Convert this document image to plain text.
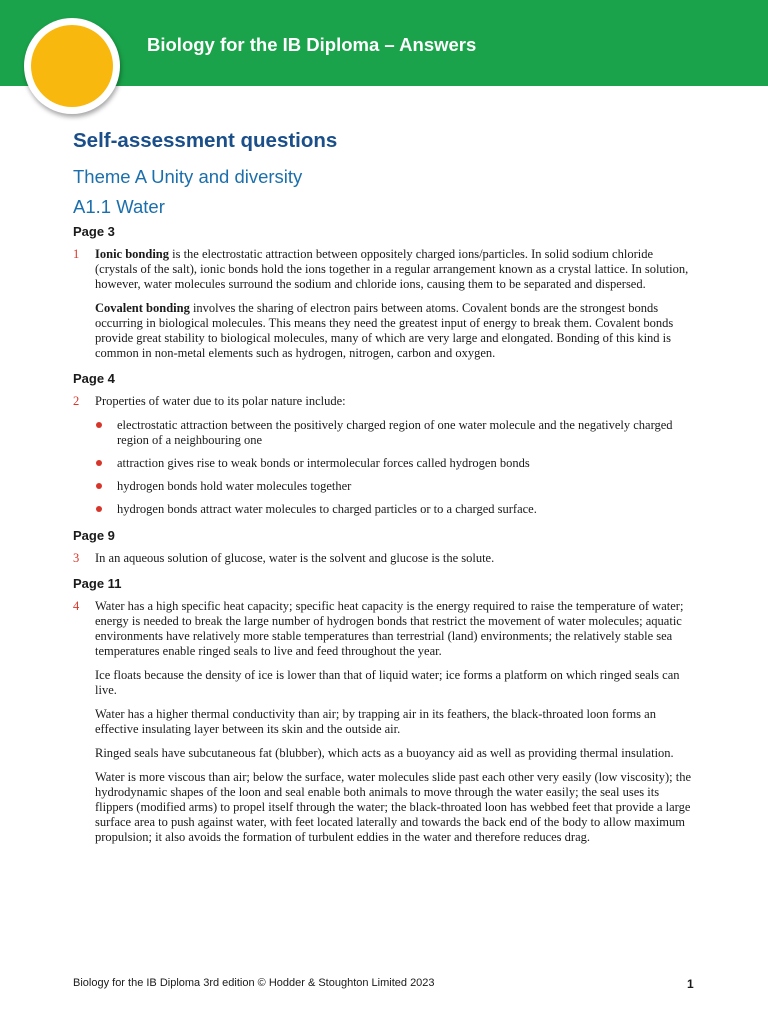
Biology for the IB Diploma – Answers
Self-assessment questions
Theme A Unity and diversity
A1.1 Water
Page 3
1 Ionic bonding is the electrostatic attraction between oppositely charged ions/particles. In solid sodium chloride (crystals of the salt), ionic bonds hold the ions together in a regular arrangement known as a crystal lattice. In solution, however, water molecules surround the sodium and chloride ions, causing them to be separated and dispersed.

Covalent bonding involves the sharing of electron pairs between atoms. Covalent bonds are the strongest bonds occurring in biological molecules. This means they need the greatest input of energy to break them. Covalent bonds provide great stability to biological molecules, many of which are very large and elongated. Bonding of this kind is common in non-metal elements such as hydrogen, nitrogen, carbon and oxygen.

Page 4
2 Properties of water due to its polar nature include:

electrostatic attraction between the positively charged region of one water molecule and the negatively charged region of a neighbouring one
attraction gives rise to weak bonds or intermolecular forces called hydrogen bonds
hydrogen bonds hold water molecules together
hydrogen bonds attract water molecules to charged particles or to a charged surface.
Page 9
3 In an aqueous solution of glucose, water is the solvent and glucose is the solute.

Page 11
4 Water has a high specific heat capacity; specific heat capacity is the energy required to raise the temperature of water; energy is needed to break the large number of hydrogen bonds that restrict the movement of water molecules; aquatic environments have relatively more stable temperatures than terrestrial (land) environments; the relatively stable sea temperatures enable ringed seals to live and feed throughout the year.

Ice floats because the density of ice is lower than that of liquid water; ice forms a platform on which ringed seals can live.

Water has a higher thermal conductivity than air; by trapping air in its feathers, the black-throated loon forms an effective insulating layer between its skin and the outside air.

Ringed seals have subcutaneous fat (blubber), which acts as a buoyancy aid as well as providing thermal insulation.

Water is more viscous than air; below the surface, water molecules slide past each other very easily (low viscosity); the hydrodynamic shapes of the loon and seal enable both animals to move through the water easily; the seal uses its flippers (modified arms) to propel itself through the water; the black-throated loon has webbed feet that provide a large surface area to push against water, with feet located laterally and towards the back end of the body to allow maximum propulsion; it also avoids the formation of turbulent eddies in the water and therefore reduces drag.

Biology for the IB Diploma 3rd edition © Hodder & Stoughton Limited 2023	1
